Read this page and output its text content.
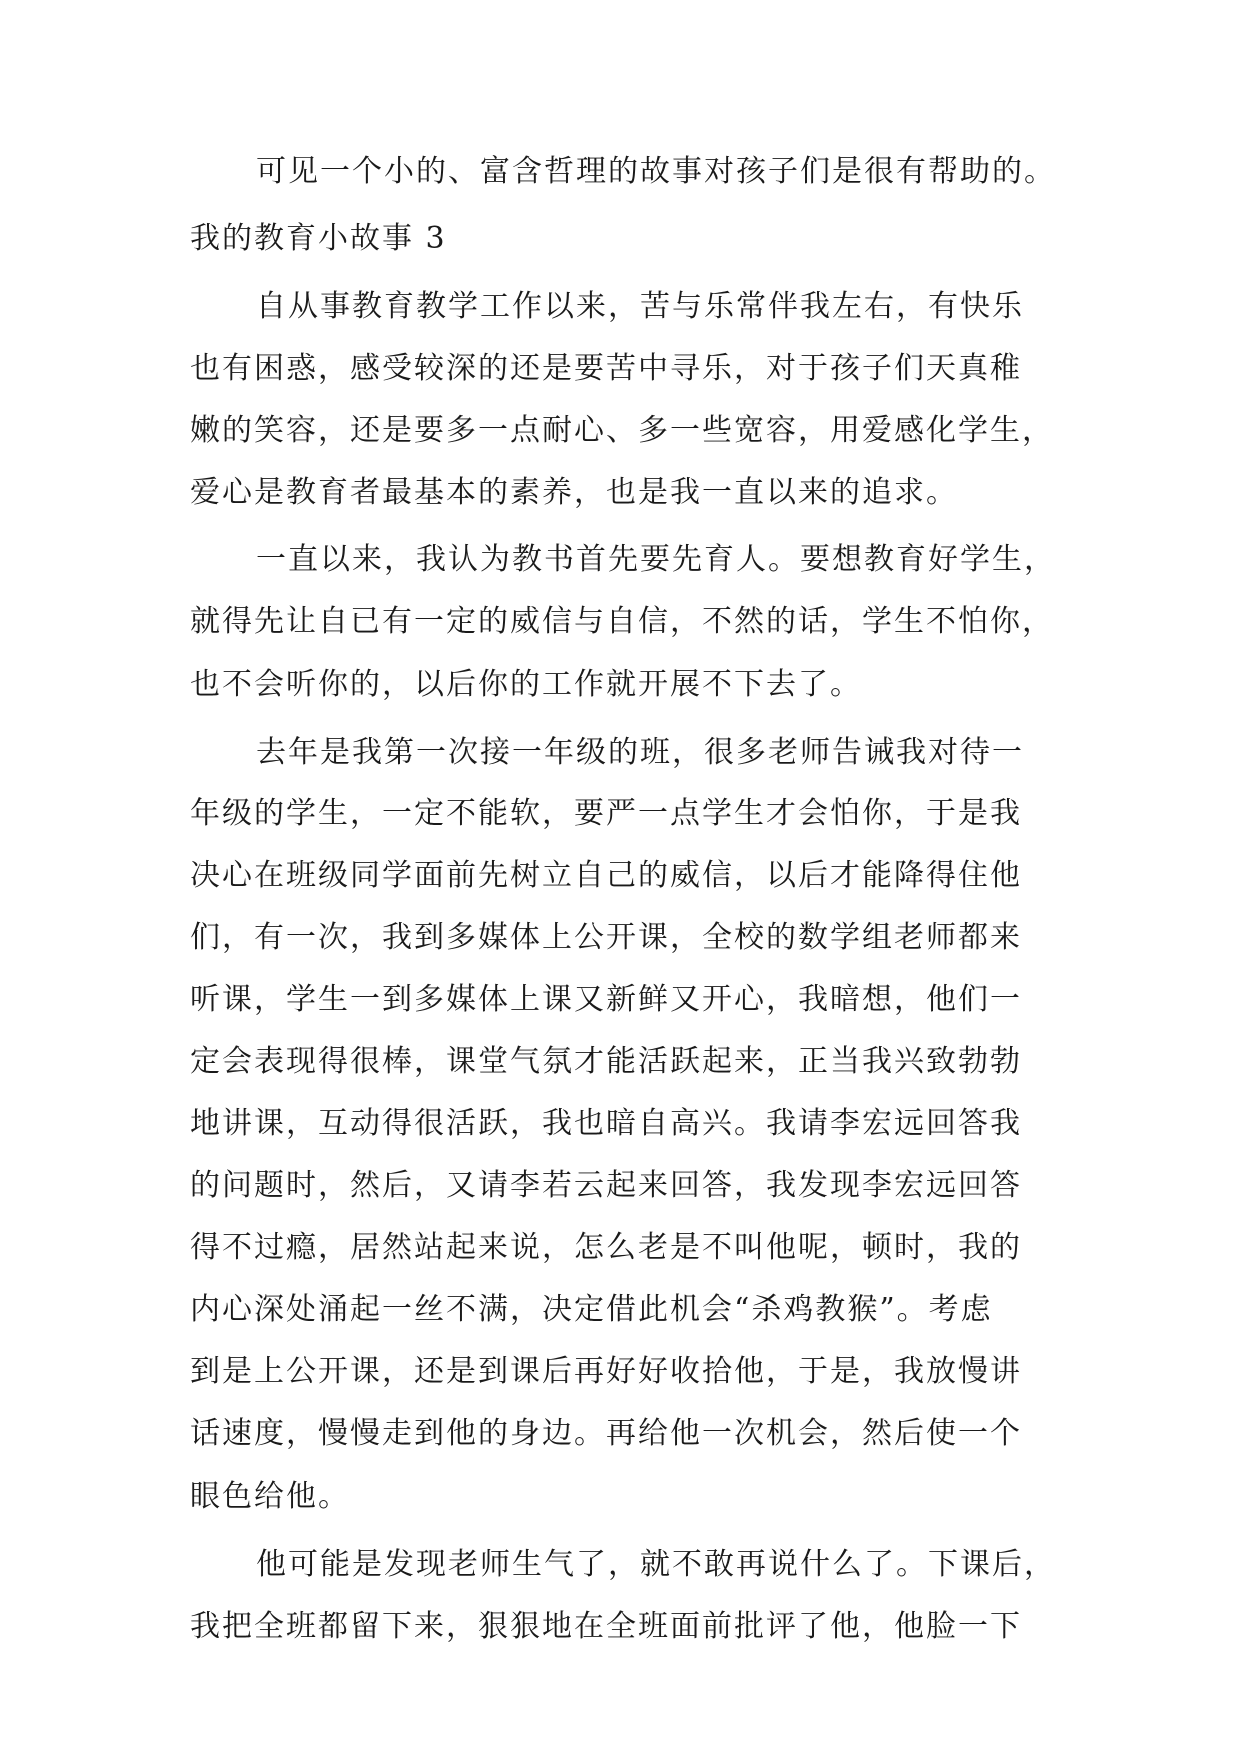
可见一个小的、富含哲理的故事对孩子们是很有帮助的。
我的教育小故事 3
自从事教育教学工作以来，苦与乐常伴我左右，有快乐
也有困惑，感受较深的还是要苦中寻乐，对于孩子们天真稚
嫩的笑容，还是要多一点耐心、多一些宽容，用爱感化学生，
爱心是教育者最基本的素养，也是我一直以来的追求。
一直以来，我认为教书首先要先育人。要想教育好学生，
就得先让自已有一定的威信与自信，不然的话，学生不怕你，
也不会听你的，以后你的工作就开展不下去了。
去年是我第一次接一年级的班，很多老师告诫我对待一
年级的学生，一定不能软，要严一点学生才会怕你，于是我
决心在班级同学面前先树立自己的威信，以后才能降得住他
们，有一次，我到多媒体上公开课，全校的数学组老师都来
听课，学生一到多媒体上课又新鲜又开心，我暗想，他们一
定会表现得很棒，课堂气氛才能活跃起来，正当我兴致勃勃
地讲课，互动得很活跃，我也暗自高兴。我请李宏远回答我
的问题时，然后，又请李若云起来回答，我发现李宏远回答
得不过瘾，居然站起来说，怎么老是不叫他呢，顿时，我的
内心深处涌起一丝不满，决定借此机会“杀鸡教猴”。考虑
到是上公开课，还是到课后再好好收拾他，于是，我放慢讲
话速度，慢慢走到他的身边。再给他一次机会，然后使一个
眼色给他。
他可能是发现老师生气了，就不敢再说什么了。下课后，
我把全班都留下来，狠狠地在全班面前批评了他，他脸一下
